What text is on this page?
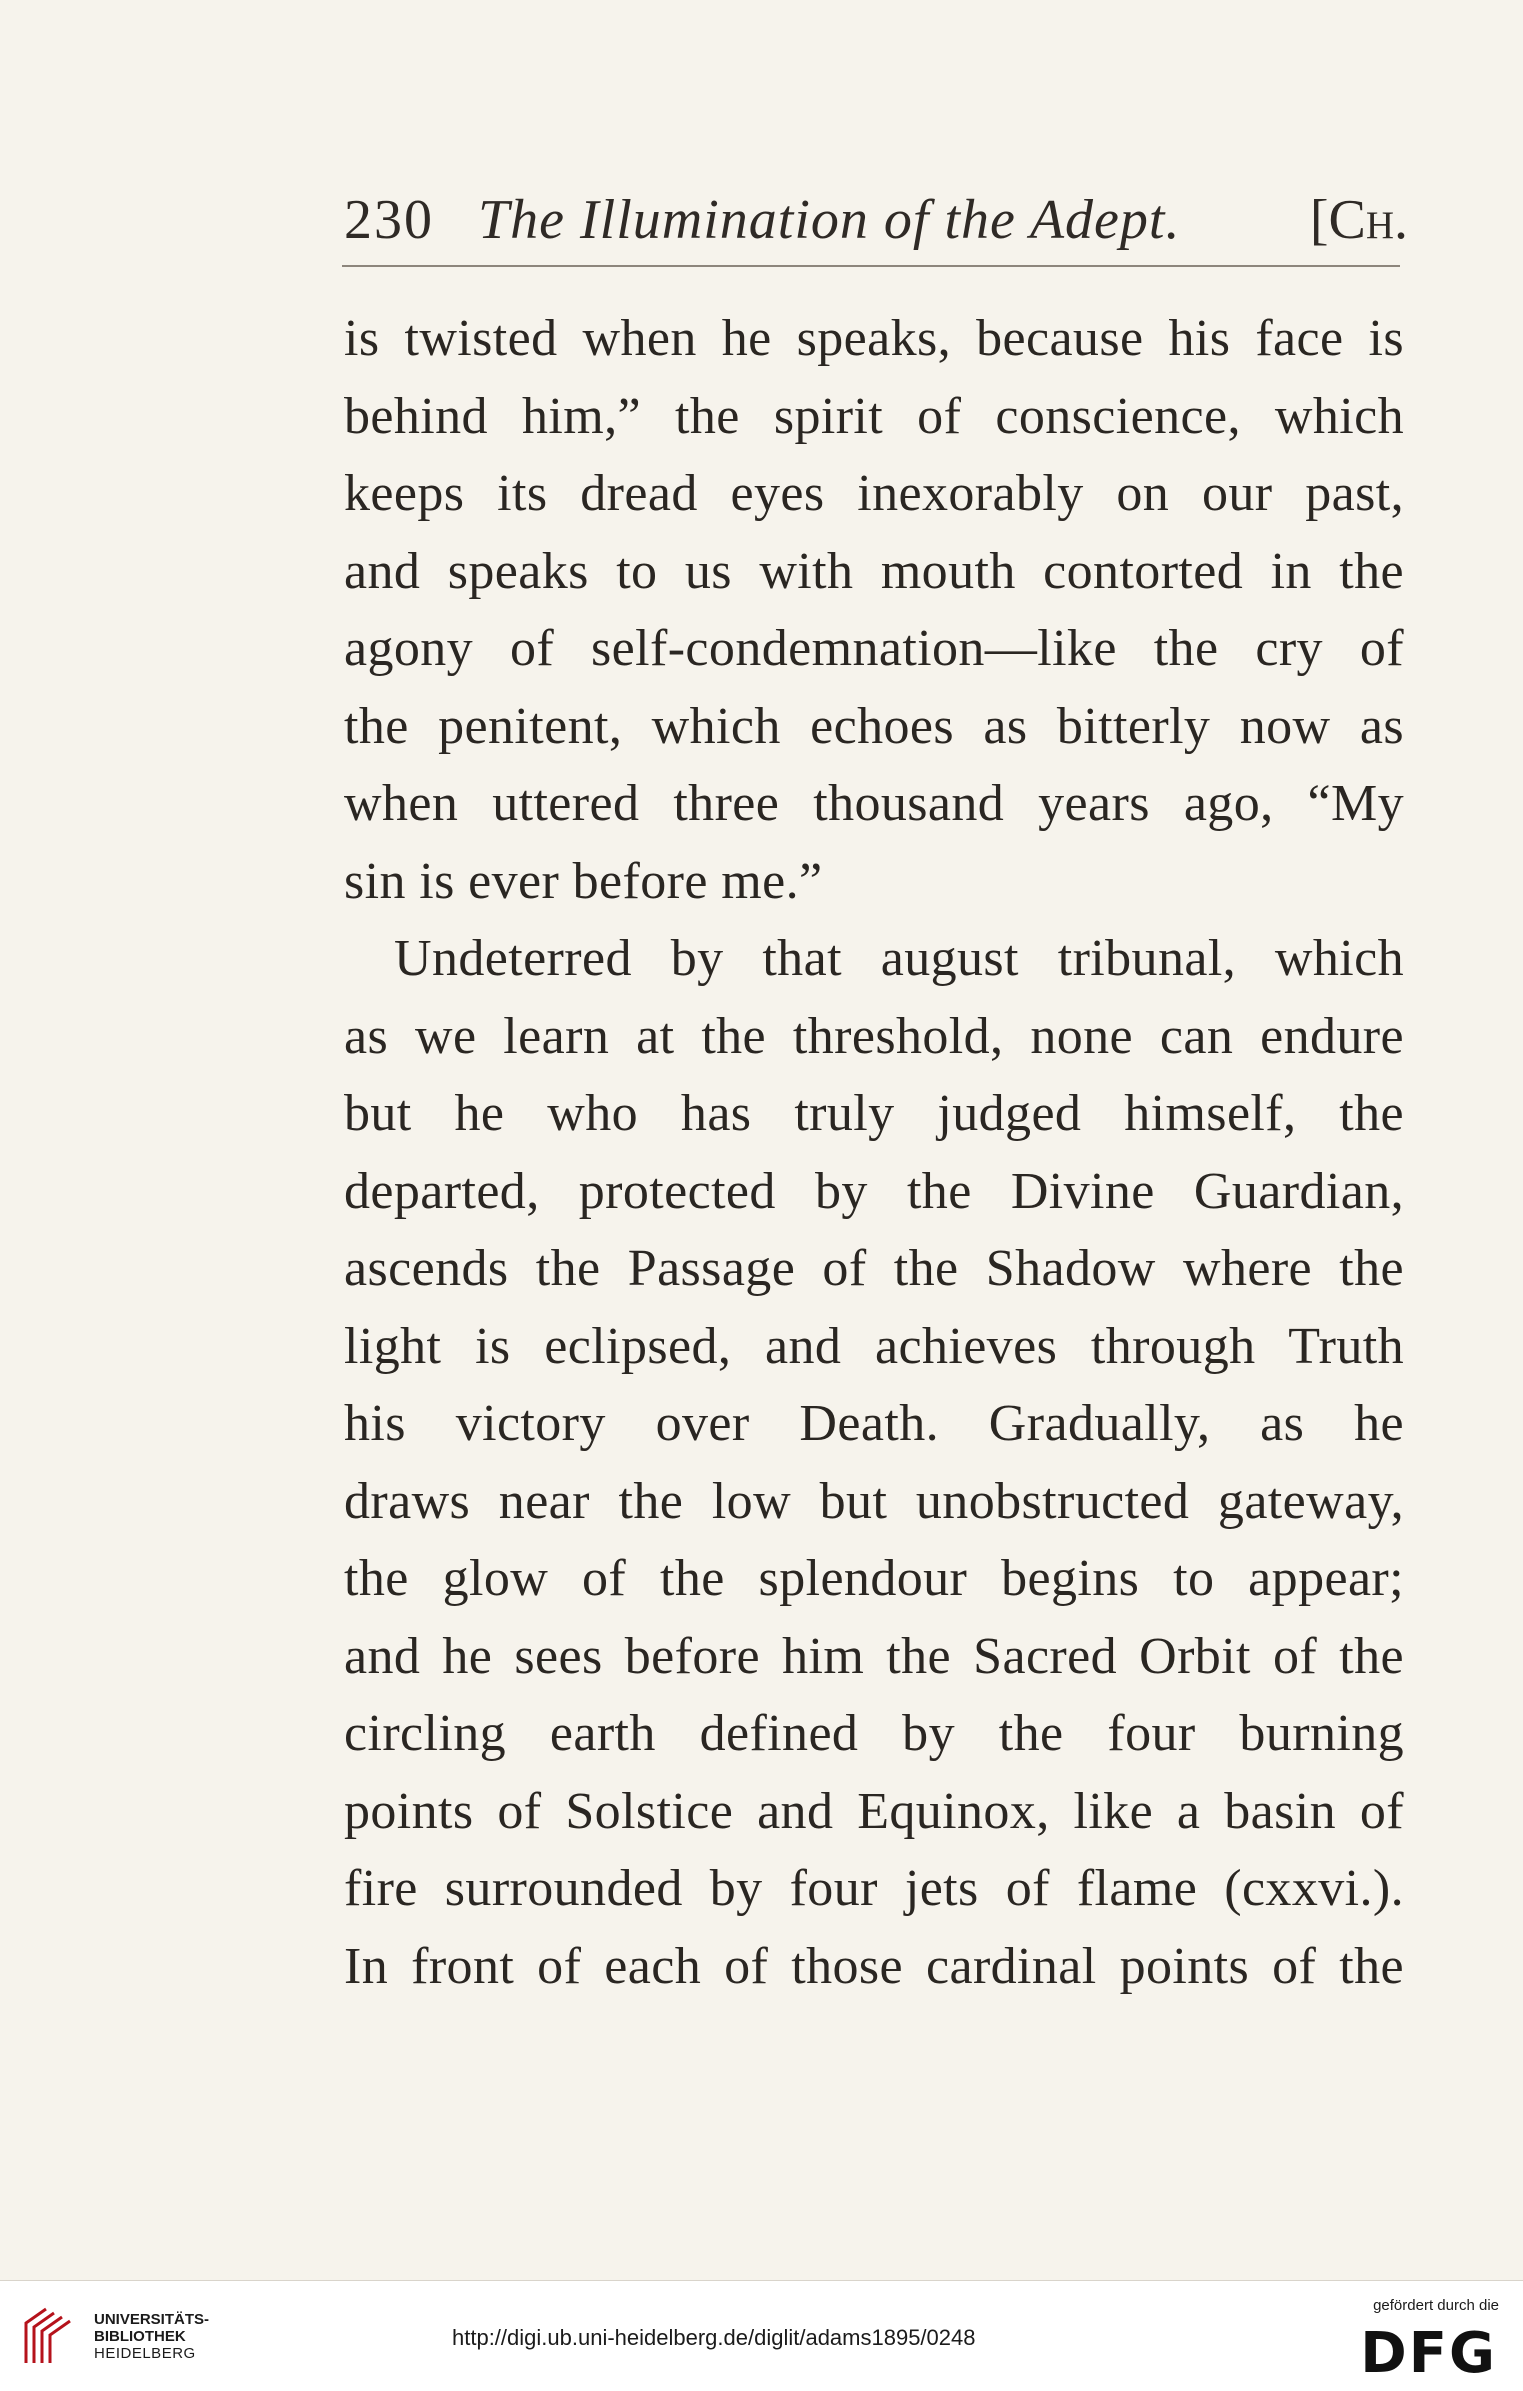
230 The Illumination of the Adept. [Ch.
is twisted when he speaks, because his face is
behind him,” the spirit of conscience, which
keeps its dread eyes inexorably on our past,
and speaks to us with mouth contorted in the
agony of self-condemnation—like the cry of
the penitent, which echoes as bitterly now as
when uttered three thousand years ago, “My
sin is ever before me.”
Undeterred by that august tribunal, which
as we learn at the threshold, none can endure
but he who has truly judged himself, the
departed, protected by the Divine Guardian,
ascends the Passage of the Shadow where the
light is eclipsed, and achieves through Truth
his victory over Death. Gradually, as he
draws near the low but unobstructed gateway,
the glow of the splendour begins to appear;
and he sees before him the Sacred Orbit of the
circling earth defined by the four burning
points of Solstice and Equinox, like a basin of
fire surrounded by four jets of flame (cxxvi.).
In front of each of those cardinal points of the
UNIVERSITÄTS-
BIBLIOTHEK
HEIDELBERG
http://digi.ub.uni-heidelberg.de/diglit/adams1895/0248
gefördert durch die
DFG
